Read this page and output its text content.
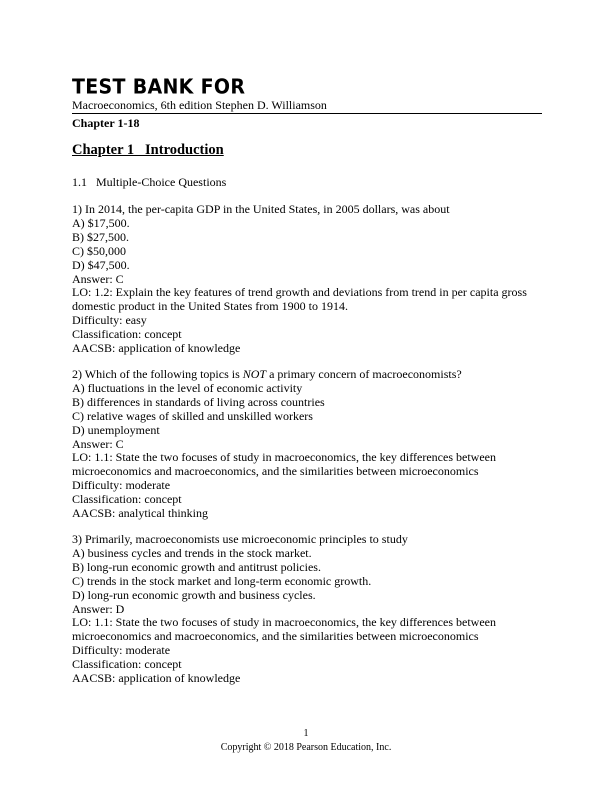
TEST BANK FOR
Macroeconomics, 6th edition Stephen D. Williamson
Chapter 1-18
Chapter 1   Introduction
1.1   Multiple-Choice Questions
1) In 2014, the per-capita GDP in the United States, in 2005 dollars, was about
A) $17,500.
B) $27,500.
C) $50,000
D) $47,500.
Answer: C
LO: 1.2: Explain the key features of trend growth and deviations from trend in per capita gross domestic product in the United States from 1900 to 1914.
Difficulty: easy
Classification: concept
AACSB: application of knowledge
2) Which of the following topics is NOT a primary concern of macroeconomists?
A) fluctuations in the level of economic activity
B) differences in standards of living across countries
C) relative wages of skilled and unskilled workers
D) unemployment
Answer: C
LO: 1.1: State the two focuses of study in macroeconomics, the key differences between microeconomics and macroeconomics, and the similarities between microeconomics
Difficulty: moderate
Classification: concept
AACSB: analytical thinking
3) Primarily, macroeconomists use microeconomic principles to study
A) business cycles and trends in the stock market.
B) long-run economic growth and antitrust policies.
C) trends in the stock market and long-term economic growth.
D) long-run economic growth and business cycles.
Answer: D
LO: 1.1: State the two focuses of study in macroeconomics, the key differences between microeconomics and macroeconomics, and the similarities between microeconomics
Difficulty: moderate
Classification: concept
AACSB: application of knowledge
1
Copyright © 2018 Pearson Education, Inc.
